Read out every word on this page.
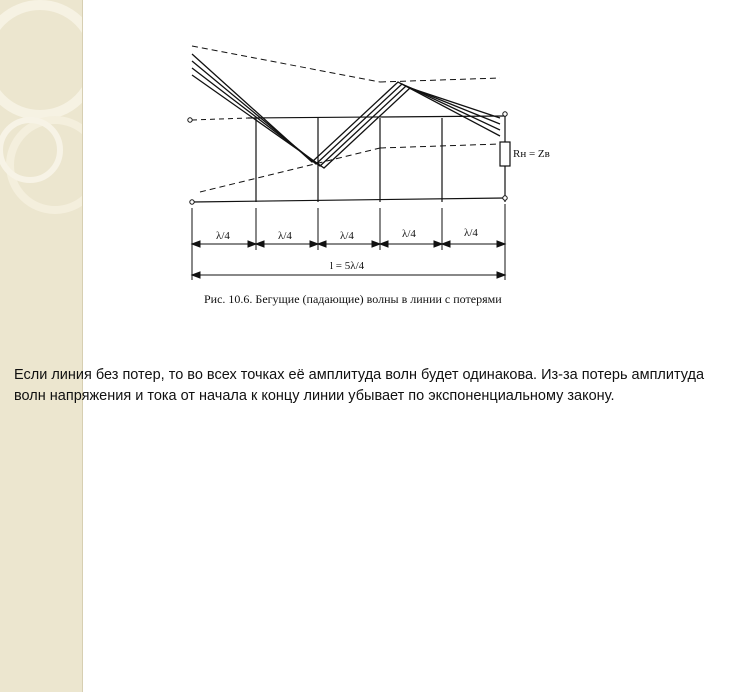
λ/4	λ/4	λ/4	λ/4	λ/4
l = 5λ/4
Rн = Zв
Рис. 10.6. Бегущие (падающие) волны в линии с потерями

Если линия без потер, то во всех точках её амплитуда волн будет одинакова. Из-за потерь амплитуда волн напряжения и тока от начала к концу линии убывает по экспоненциальному закону.
